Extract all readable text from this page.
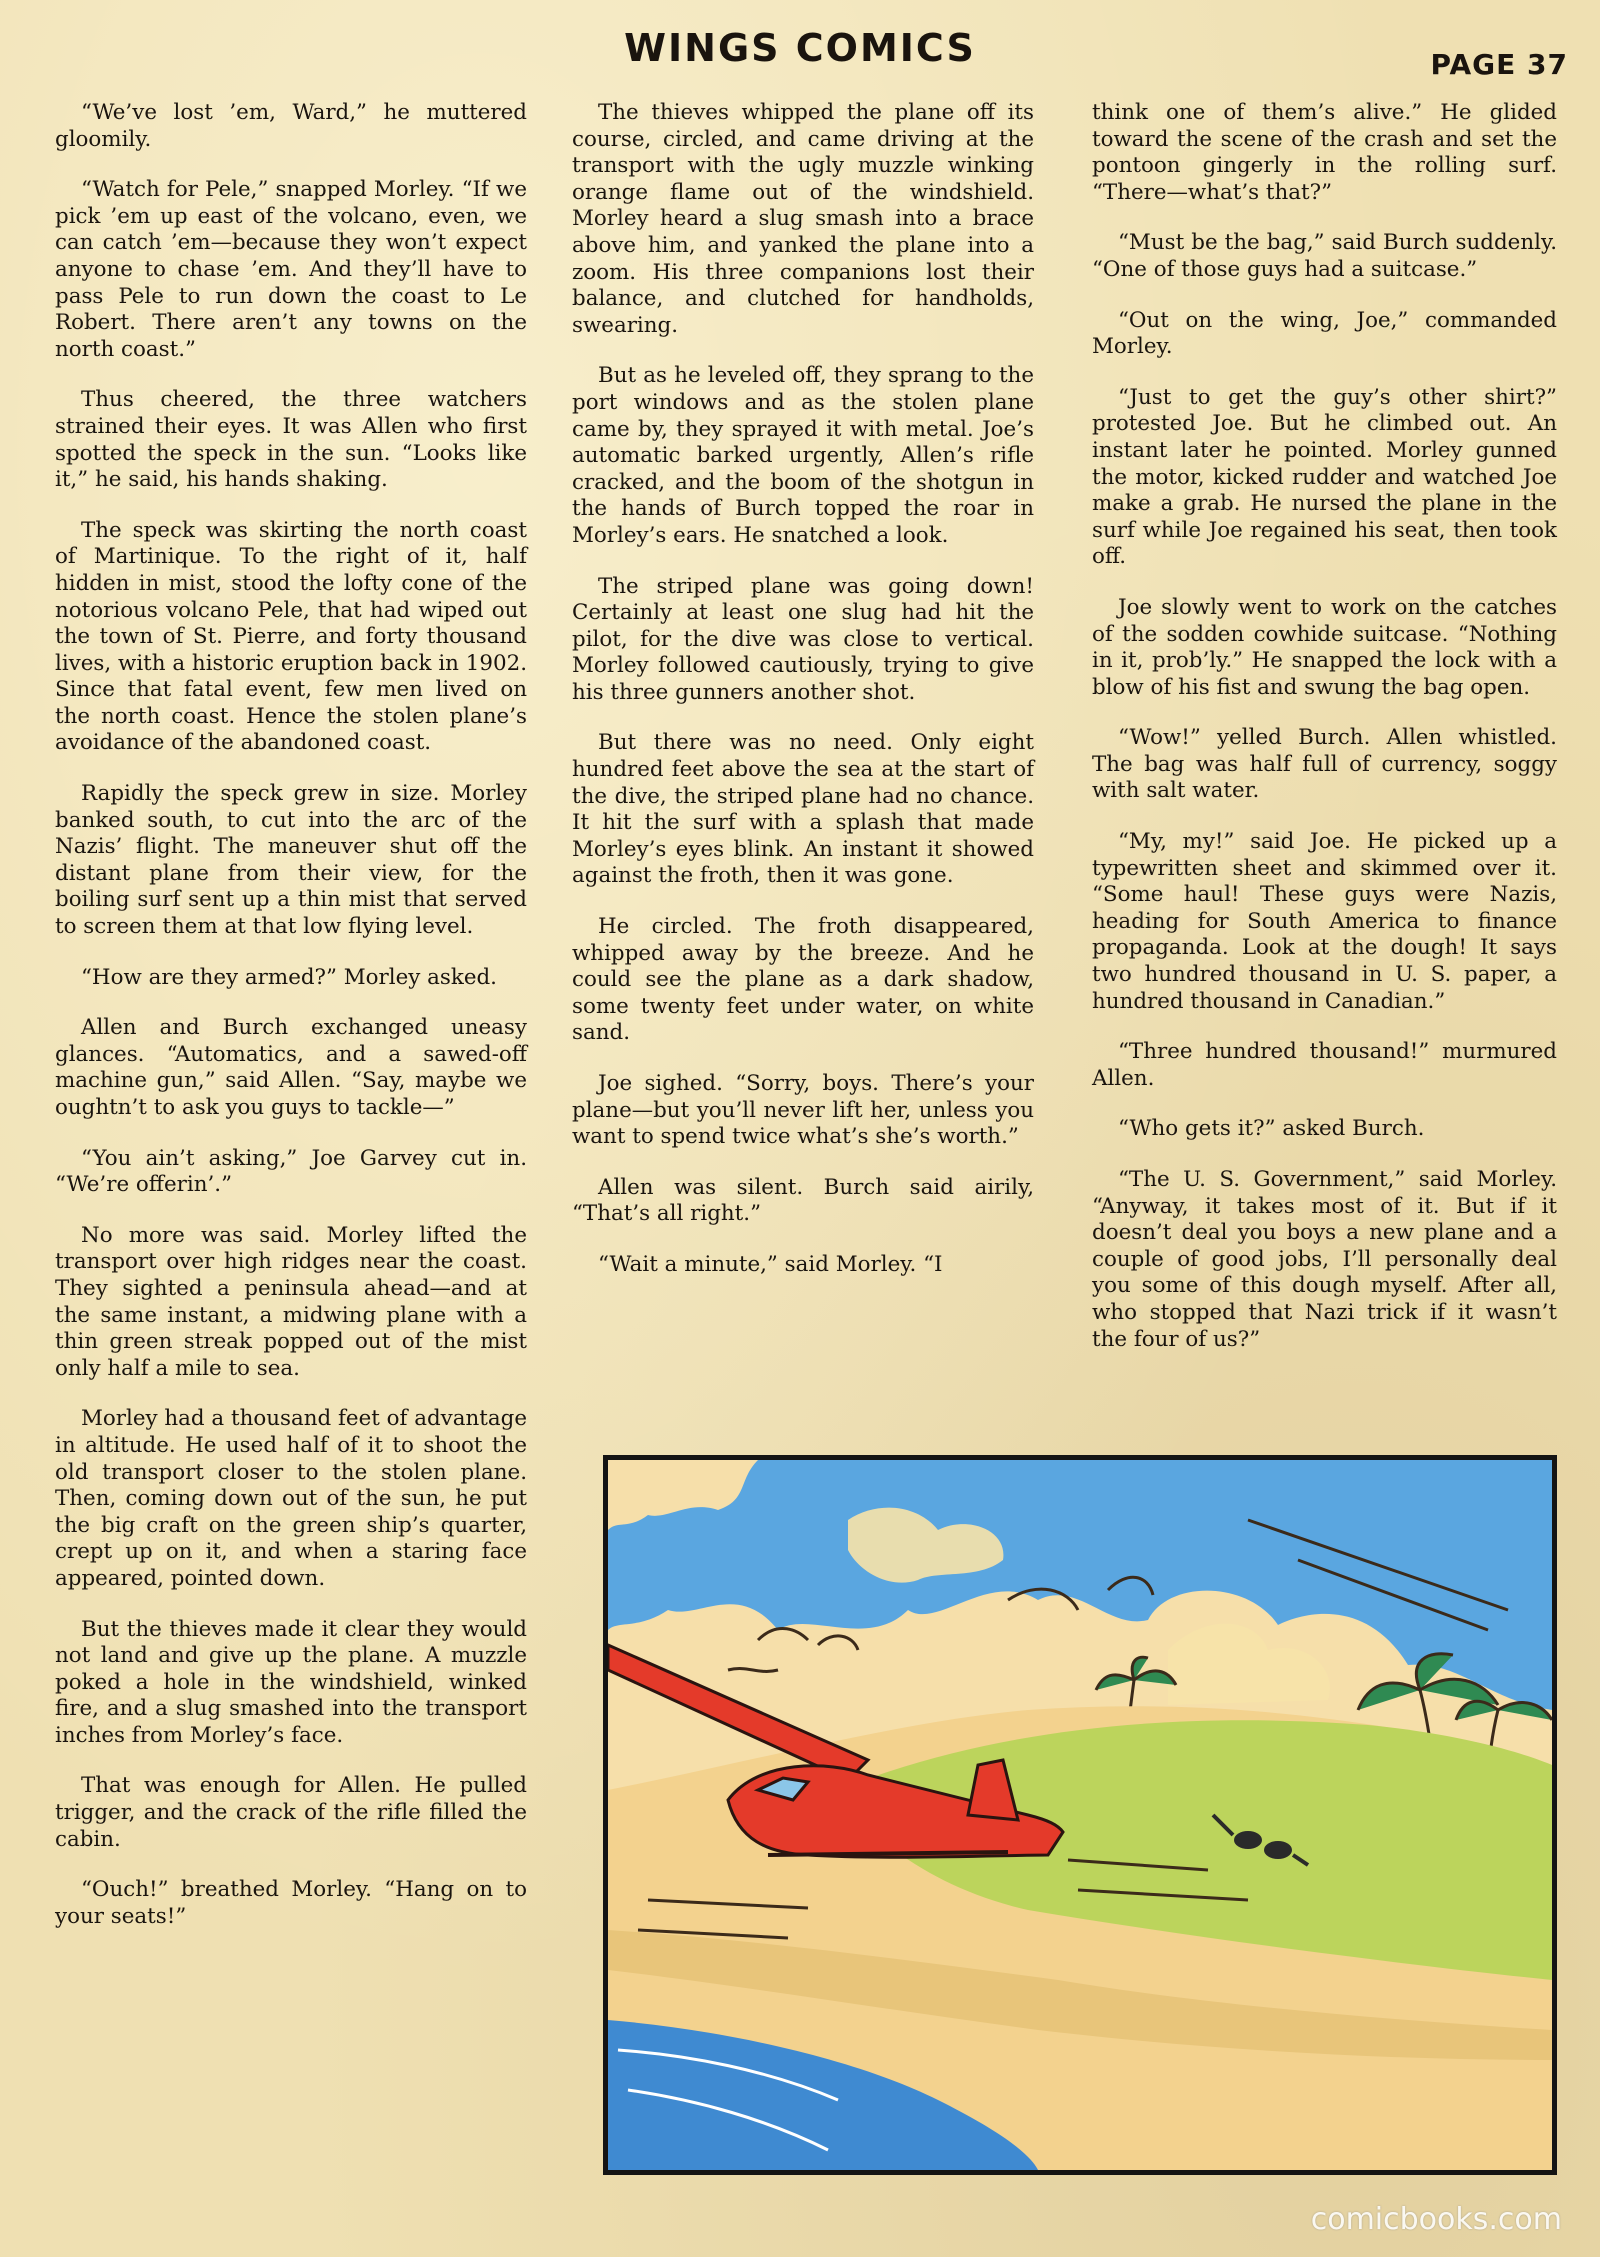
WINGS COMICS	PAGE 37

“We’ve lost ’em, Ward,” he muttered gloomily.

“Watch for Pele,” snapped Morley. “If we pick ’em up east of the volcano, even, we can catch ’em—because they won’t expect anyone to chase ’em. And they’ll have to pass Pele to run down the coast to Le Robert. There aren’t any towns on the north coast.”

Thus cheered, the three watchers strained their eyes. It was Allen who first spotted the speck in the sun. “Looks like it,” he said, his hands shaking.

The speck was skirting the north coast of Martinique. To the right of it, half hidden in mist, stood the lofty cone of the notorious volcano Pele, that had wiped out the town of St. Pierre, and forty thousand lives, with a historic eruption back in 1902. Since that fatal event, few men lived on the north coast. Hence the stolen plane’s avoidance of the abandoned coast.

Rapidly the speck grew in size. Morley banked south, to cut into the arc of the Nazis’ flight. The maneuver shut off the distant plane from their view, for the boiling surf sent up a thin mist that served to screen them at that low flying level.

“How are they armed?” Morley asked.

Allen and Burch exchanged uneasy glances. “Automatics, and a sawed-off machine gun,” said Allen. “Say, maybe we oughtn’t to ask you guys to tackle—”

“You ain’t asking,” Joe Garvey cut in. “We’re offerin’.”

No more was said. Morley lifted the transport over high ridges near the coast. They sighted a peninsula ahead—and at the same instant, a midwing plane with a thin green streak popped out of the mist only half a mile to sea.

Morley had a thousand feet of advantage in altitude. He used half of it to shoot the old transport closer to the stolen plane. Then, coming down out of the sun, he put the big craft on the green ship’s quarter, crept up on it, and when a staring face appeared, pointed down.

But the thieves made it clear they would not land and give up the plane. A muzzle poked a hole in the windshield, winked fire, and a slug smashed into the transport inches from Morley’s face.

That was enough for Allen. He pulled trigger, and the crack of the rifle filled the cabin.

“Ouch!” breathed Morley. “Hang on to your seats!”

The thieves whipped the plane off its course, circled, and came driving at the transport with the ugly muzzle winking orange flame out of the windshield. Morley heard a slug smash into a brace above him, and yanked the plane into a zoom. His three companions lost their balance, and clutched for handholds, swearing.

But as he leveled off, they sprang to the port windows and as the stolen plane came by, they sprayed it with metal. Joe’s automatic barked urgently, Allen’s rifle cracked, and the boom of the shotgun in the hands of Burch topped the roar in Morley’s ears. He snatched a look.

The striped plane was going down! Certainly at least one slug had hit the pilot, for the dive was close to vertical. Morley followed cautiously, trying to give his three gunners another shot.

But there was no need. Only eight hundred feet above the sea at the start of the dive, the striped plane had no chance. It hit the surf with a splash that made Morley’s eyes blink. An instant it showed against the froth, then it was gone.

He circled. The froth disappeared, whipped away by the breeze. And he could see the plane as a dark shadow, some twenty feet under water, on white sand.

Joe sighed. “Sorry, boys. There’s your plane—but you’ll never lift her, unless you want to spend twice what’s she’s worth.”

Allen was silent. Burch said airily, “That’s all right.”

“Wait a minute,” said Morley. “I

think one of them’s alive.” He glided toward the scene of the crash and set the pontoon gingerly in the rolling surf. “There—what’s that?”

“Must be the bag,” said Burch suddenly. “One of those guys had a suitcase.”

“Out on the wing, Joe,” commanded Morley.

“Just to get the guy’s other shirt?” protested Joe. But he climbed out. An instant later he pointed. Morley gunned the motor, kicked rudder and watched Joe make a grab. He nursed the plane in the surf while Joe regained his seat, then took off.

Joe slowly went to work on the catches of the sodden cowhide suitcase. “Nothing in it, prob’ly.” He snapped the lock with a blow of his fist and swung the bag open.

“Wow!” yelled Burch. Allen whistled. The bag was half full of currency, soggy with salt water.

“My, my!” said Joe. He picked up a typewritten sheet and skimmed over it. “Some haul! These guys were Nazis, heading for South America to finance propaganda. Look at the dough! It says two hundred thousand in U. S. paper, a hundred thousand in Canadian.”

“Three hundred thousand!” murmured Allen.

“Who gets it?” asked Burch.

“The U. S. Government,” said Morley. “Anyway, it takes most of it. But if it doesn’t deal you boys a new plane and a couple of good jobs, I’ll personally deal you some of this dough myself. After all, who stopped that Nazi trick if it wasn’t the four of us?”

comicbooks.com
